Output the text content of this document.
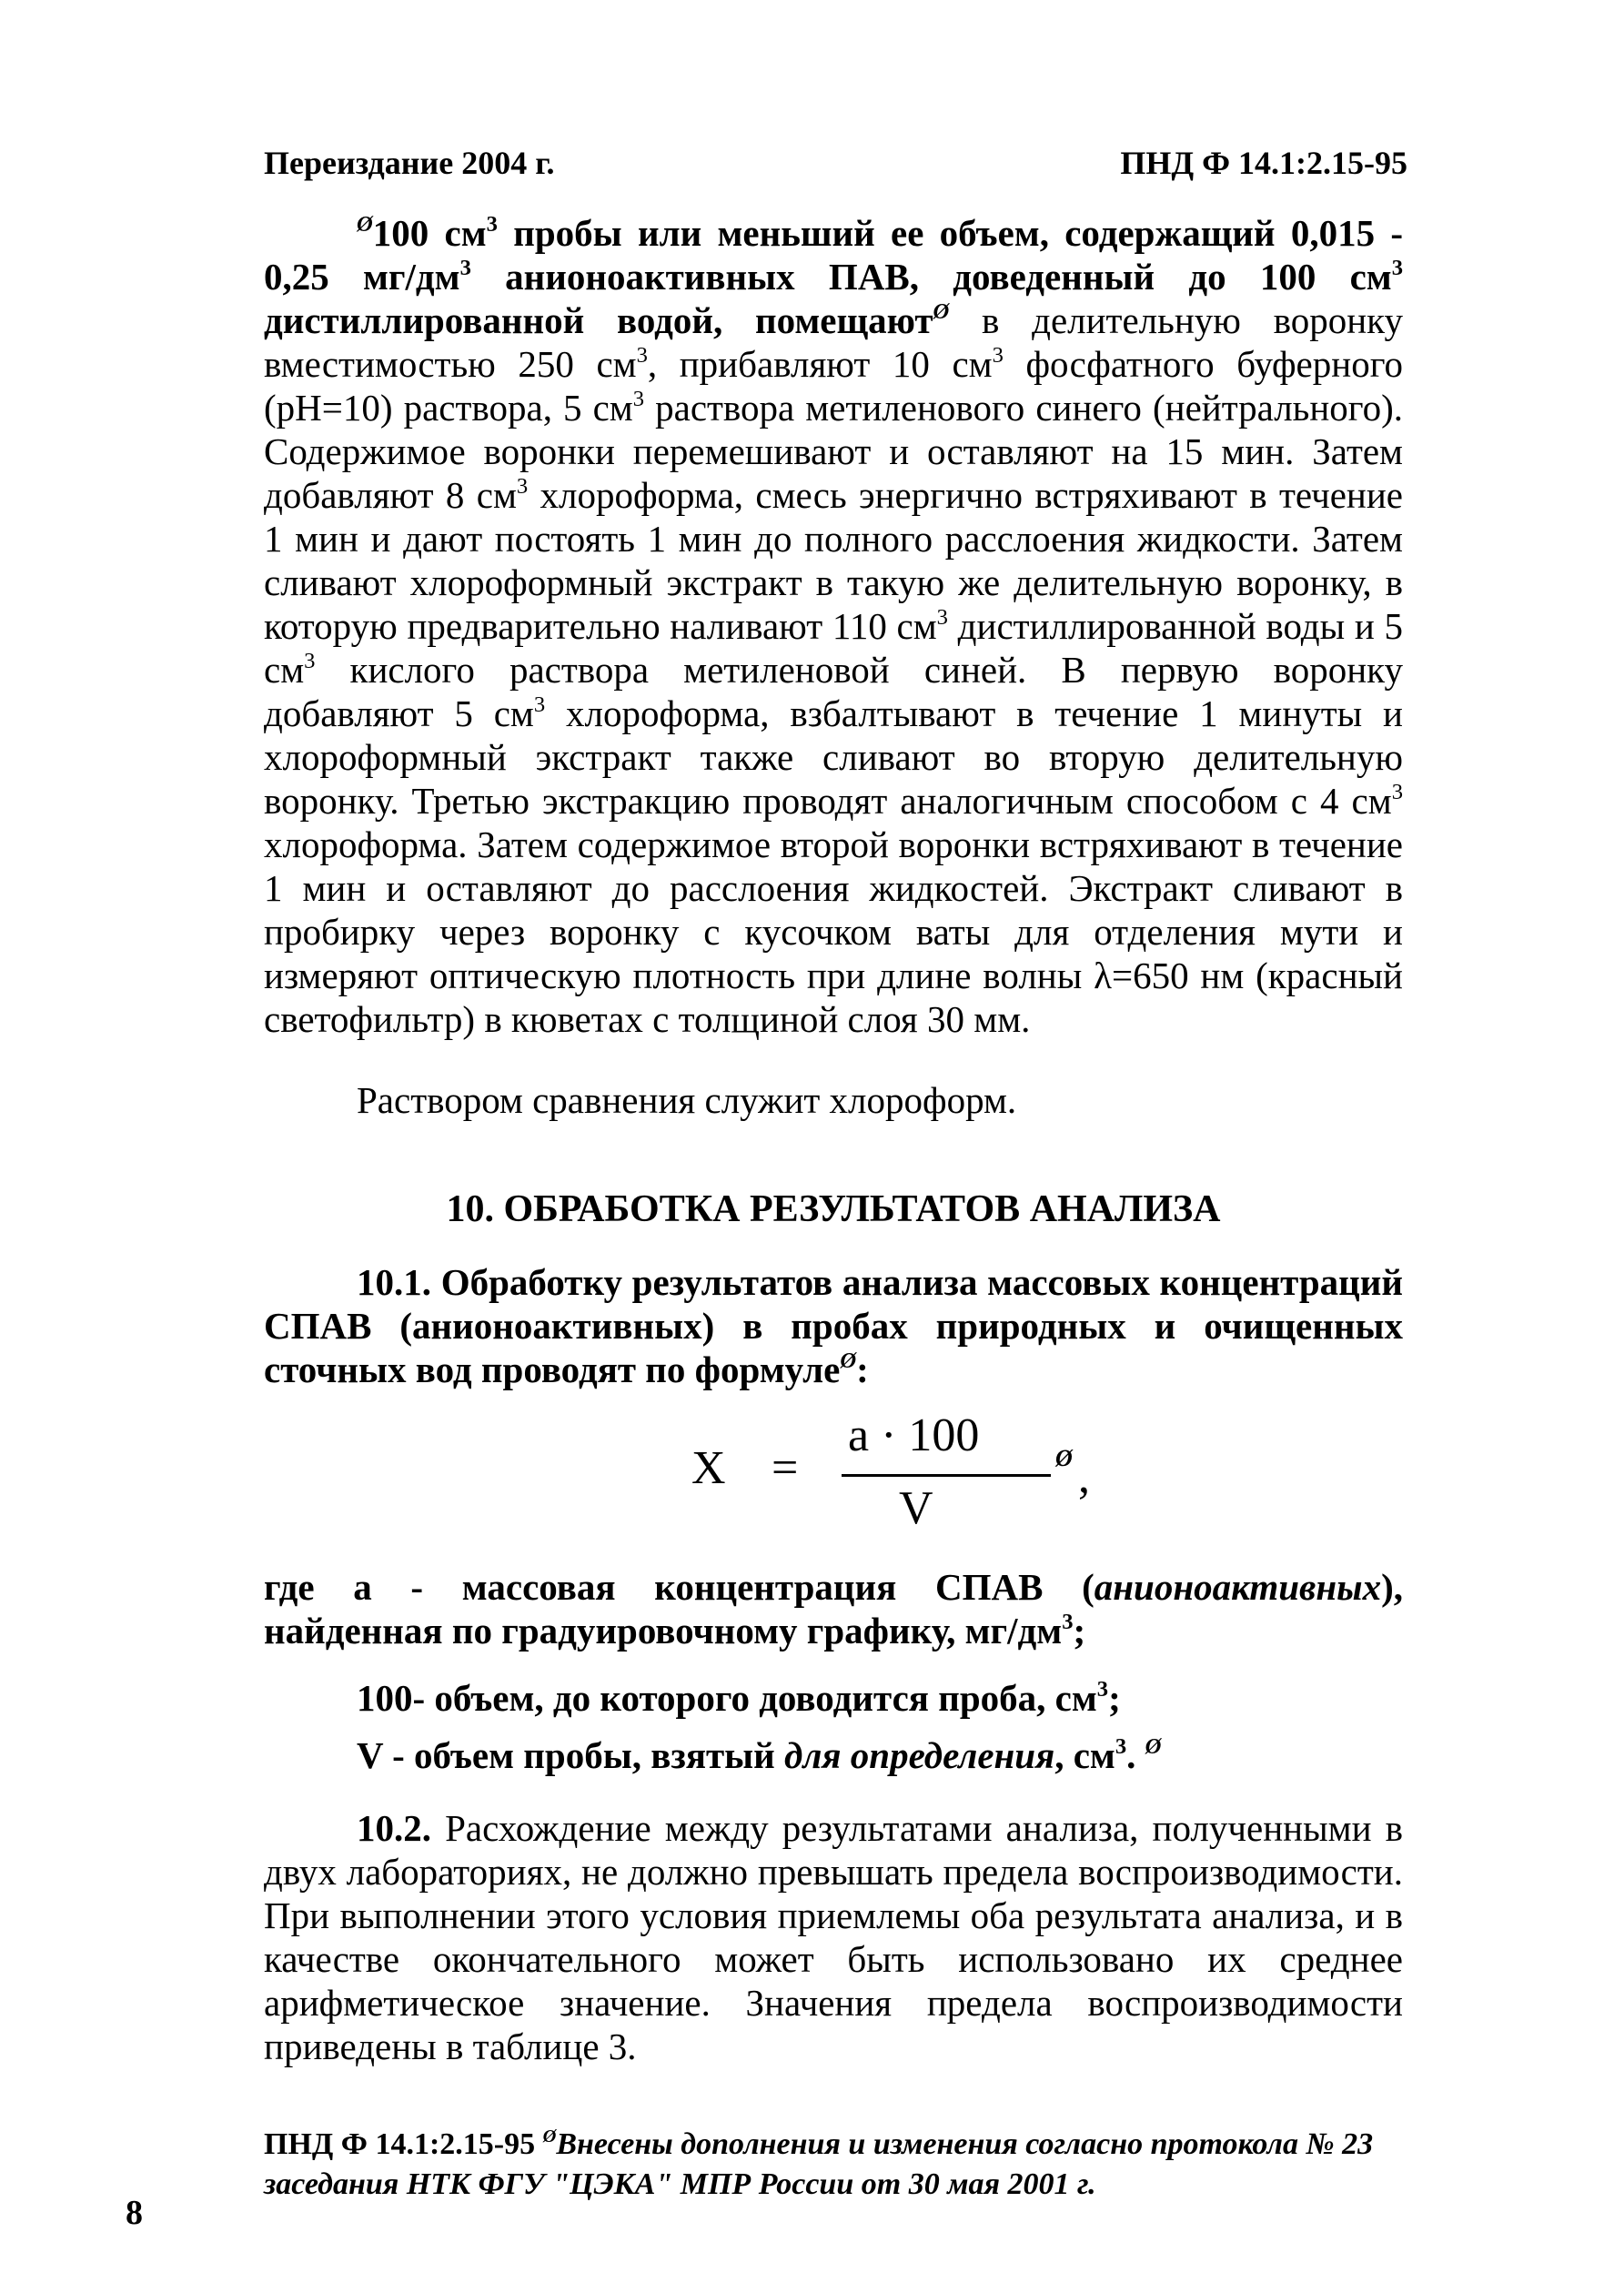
Переиздание 2004 г.	ПНД Ф 14.1:2.15-95
$^Ø$100 $см^3$ пробы или меньший ее объем, содержащий 0,015 - 0,25 $мг/дм^3$ анионоактивных ПАВ, доведенный до 100 $см^3$ дистиллированной водой, помещают$^Ø$ в делительную воронку вместимостью 250 $см^3$, прибавляют 10 $см^3$ фосфатного буферного (рН=10) раствора, 5 $см^3$ раствора метиленового синего (нейтрального). Содержимое воронки перемешивают и оставляют на 15 мин. Затем добавляют 8 $см^3$ хлороформа, смесь энергично встряхивают в течение 1 мин и дают постоять 1 мин до полного расслоения жидкости. Затем сливают хлороформный экстракт в такую же делительную воронку, в которую предварительно наливают 110 $см^3$ дистиллированной воды и 5 $см^3$ кислого раствора метиленовой синей. В первую воронку добавляют 5 $см^3$ хлороформа, взбалтывают в течение 1 минуты и хлороформный экстракт также сливают во вторую делительную воронку. Третью экстракцию проводят аналогичным способом с 4 $см^3$ хлороформа. Затем содержимое второй воронки встряхивают в течение 1 мин и оставляют до расслоения жидкостей. Экстракт сливают в пробирку через воронку с кусочком ваты для отделения мути и измеряют оптическую плотность при длине волны λ=650 нм (красный светофильтр) в кюветах с толщиной слоя 30 мм.
Раствором сравнения служит хлороформ.
10. ОБРАБОТКА РЕЗУЛЬТАТОВ АНАЛИЗА
10.1. Обработку результатов анализа массовых концентраций СПАВ (анионоактивных) в пробах природных и очищенных сточных вод проводят по формуле$^Ø$:
X =
a · 100
V
Ø ,
где a - массовая концентрация СПАВ (анионоактивных), найденная по градуировочному графику, $мг/дм^3$;
100- объем, до которого доводится проба, $см^3$;
V - объем пробы, взятый для определения, $см^3$. $^Ø$
10.2. Расхождение между результатами анализа, полученными в двух лабораториях, не должно превышать предела воспроизводимости. При выполнении этого условия приемлемы оба результата анализа, и в качестве окончательного может быть использовано их среднее арифметическое значение. Значения предела воспроизводимости приведены в таблице 3.
ПНД Ф 14.1:2.15-95 $^Ø$Внесены дополнения и изменения согласно протокола № 23 заседания НТК ФГУ "ЦЭКА" МПР России от 30 мая 2001 г.
8
